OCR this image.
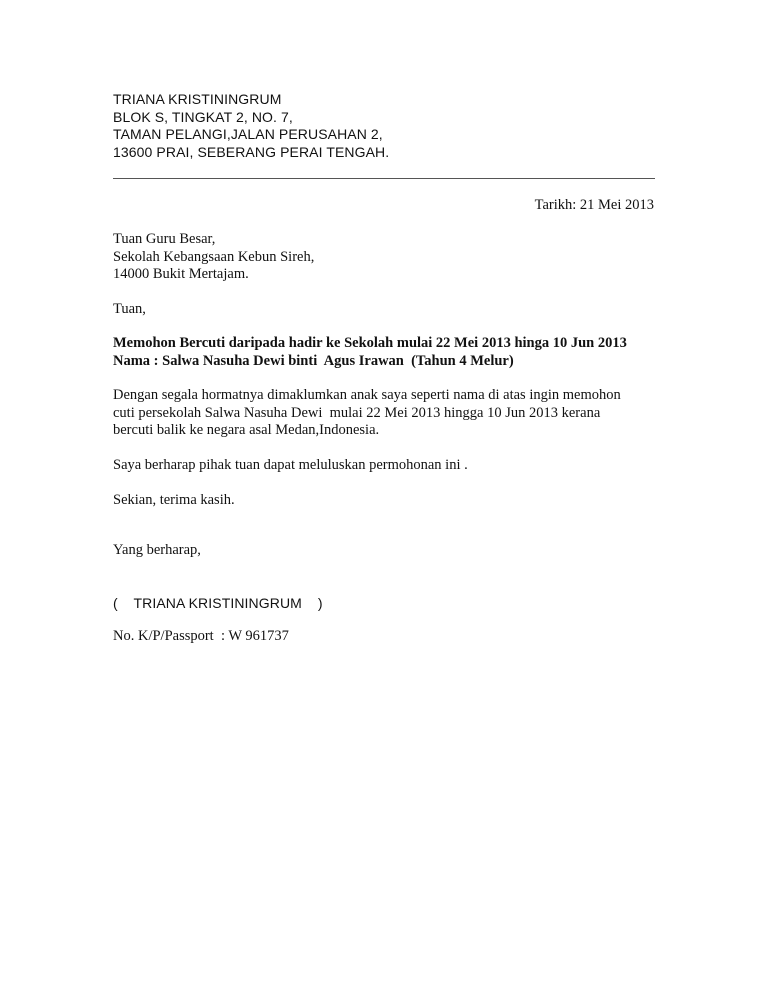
TRIANA KRISTININGRUM
BLOK S, TINGKAT 2, NO. 7,
TAMAN PELANGI,JALAN PERUSAHAN 2,
13600 PRAI, SEBERANG PERAI TENGAH.
Tarikh: 21 Mei 2013
Tuan Guru Besar,
Sekolah Kebangsaan Kebun Sireh,
14000 Bukit Mertajam.
Tuan,
Memohon Bercuti daripada hadir ke Sekolah mulai 22 Mei 2013 hinga 10 Jun 2013
Nama : Salwa Nasuha Dewi binti  Agus Irawan  (Tahun 4 Melur)
Dengan segala hormatnya dimaklumkan anak saya seperti nama di atas ingin memohon
cuti persekolah Salwa Nasuha Dewi  mulai 22 Mei 2013 hingga 10 Jun 2013 kerana
bercuti balik ke negara asal Medan,Indonesia.
Saya berharap pihak tuan dapat meluluskan permohonan ini .
Sekian, terima kasih.
Yang berharap,
(    TRIANA KRISTININGRUM    )
No. K/P/Passport  : W 961737
